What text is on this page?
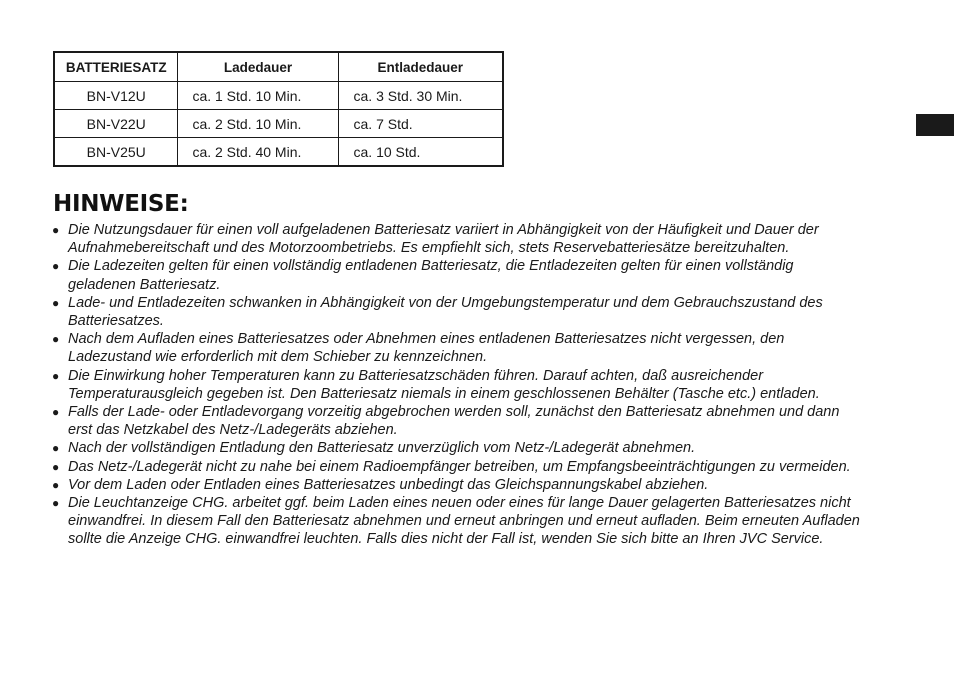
BATTERIESATZ	Ladedauer	Entladedauer
BN-V12U	ca. 1 Std. 10 Min.	ca. 3 Std. 30 Min.
BN-V22U	ca. 2 Std. 10 Min.	ca. 7 Std.
BN-V25U	ca. 2 Std. 40 Min.	ca. 10 Std.
HINWEISE:
● Die Nutzungsdauer für einen voll aufgeladenen Batteriesatz variiert in Abhängigkeit von der Häufigkeit und Dauer der
Aufnahmebereitschaft und des Motorzoombetriebs. Es empfiehlt sich, stets Reservebatteriesätze bereitzuhalten.
● Die Ladezeiten gelten für einen vollständig entladenen Batteriesatz, die Entladezeiten gelten für einen vollständig
geladenen Batteriesatz.
● Lade- und Entladezeiten schwanken in Abhängigkeit von der Umgebungstemperatur und dem Gebrauchszustand des
Batteriesatzes.
● Nach dem Aufladen eines Batteriesatzes oder Abnehmen eines entladenen Batteriesatzes nicht vergessen, den
Ladezustand wie erforderlich mit dem Schieber zu kennzeichnen.
● Die Einwirkung hoher Temperaturen kann zu Batteriesatzschäden führen. Darauf achten, daß ausreichender
Temperaturausgleich gegeben ist. Den Batteriesatz niemals in einem geschlossenen Behälter (Tasche etc.) entladen.
● Falls der Lade- oder Entladevorgang vorzeitig abgebrochen werden soll, zunächst den Batteriesatz abnehmen und dann
erst das Netzkabel des Netz-/Ladegeräts abziehen.
● Nach der vollständigen Entladung den Batteriesatz unverzüglich vom Netz-/Ladegerät abnehmen.
● Das Netz-/Ladegerät nicht zu nahe bei einem Radioempfänger betreiben, um Empfangsbeeinträchtigungen zu vermeiden.
● Vor dem Laden oder Entladen eines Batteriesatzes unbedingt das Gleichspannungskabel abziehen.
● Die Leuchtanzeige CHG. arbeitet ggf. beim Laden eines neuen oder eines für lange Dauer gelagerten Batteriesatzes nicht
einwandfrei. In diesem Fall den Batteriesatz abnehmen und erneut anbringen und erneut aufladen. Beim erneuten Aufladen
sollte die Anzeige CHG. einwandfrei leuchten. Falls dies nicht der Fall ist, wenden Sie sich bitte an Ihren JVC Service.
